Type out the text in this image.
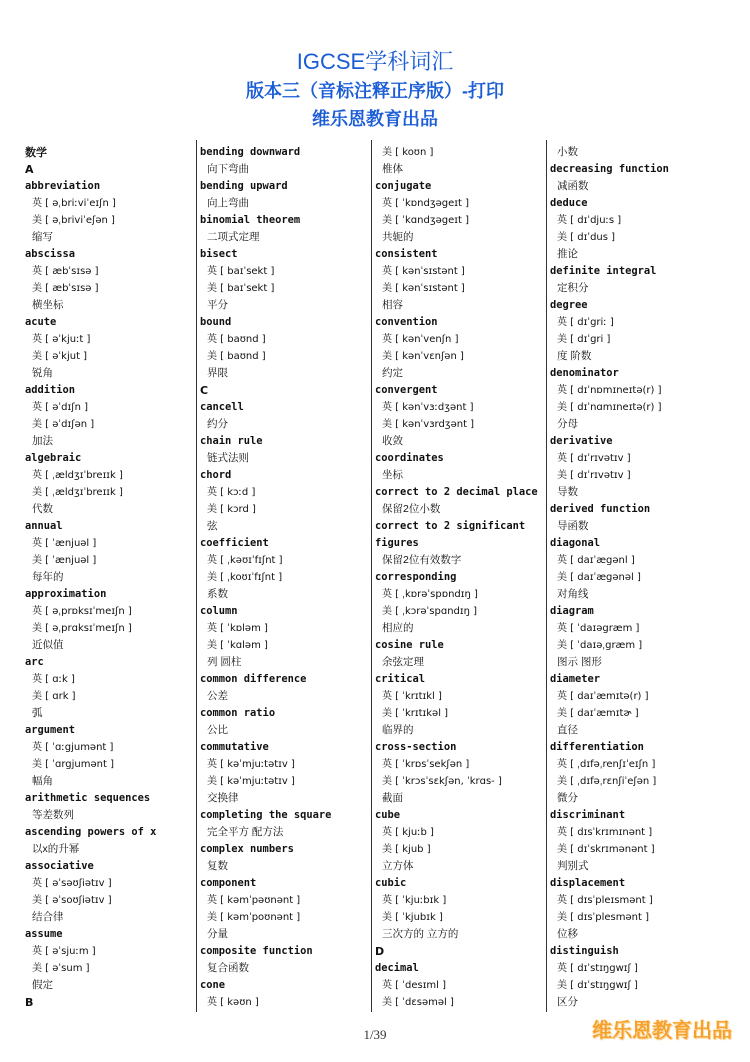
IGCSE学科词汇
版本三（音标注释正序版）-打印
维乐恩教育出品
数学
A
abbreviation
英 [ əˌbriːviˈeɪʃn ]
美 [ əˌbriviˈeʃən ]
缩写
abscissa
英 [ æbˈsɪsə ]
美 [ æbˈsɪsə ]
横坐标
acute
英 [ əˈkjuːt ]
美 [ əˈkjut ]
锐角
addition
英 [ əˈdɪʃn ]
美 [ əˈdɪʃən ]
加法
algebraic
英 [ ˌældʒɪˈbreɪɪk ]
美 [ ˌældʒɪˈbreɪɪk ]
代数
annual
英 [ ˈænjuəl ]
美 [ ˈænjuəl ]
每年的
approximation
英 [ əˌprɒksɪˈmeɪʃn ]
美 [ əˌprɑksɪˈmeɪʃn ]
近似值
arc
英 [ ɑːk ]
美 [ ɑrk ]
弧
argument
英 [ ˈɑːgjumənt ]
美 [ ˈɑrgjumənt ]
幅角
arithmetic sequences
等差数列
ascending powers of x
以x的升幂
associative
英 [ əˈsəʊʃiətɪv ]
美 [ əˈsoʊʃiətɪv ]
结合律
assume
英 [ əˈsjuːm ]
美 [ əˈsum ]
假定
B
bending downward
向下弯曲
bending upward
向上弯曲
binomial theorem
二项式定理
bisect
英 [ baɪˈsekt ]
美 [ baɪˈsekt ]
平分
bound
英 [ baʊnd ]
美 [ baʊnd ]
界限
C
cancell
约分
chain rule
链式法则
chord
英 [ kɔːd ]
美 [ kɔrd ]
弦
coefficient
英 [ ˌkəʊɪˈfɪʃnt ]
美 [ ˌkoʊɪˈfɪʃnt ]
系数
column
英 [ ˈkɒləm ]
美 [ ˈkɑləm ]
列 圆柱
common difference
公差
common ratio
公比
commutative
英 [ kəˈmjuːtətɪv ]
美 [ kəˈmjuːtətɪv ]
交换律
completing the square
完全平方 配方法
complex numbers
复数
component
英 [ kəmˈpəʊnənt ]
美 [ kəmˈpoʊnənt ]
分量
composite function
复合函数
cone
英 [ kəʊn ]
美 [ koʊn ]
椎体
conjugate
英 [ ˈkɒndʒəgeɪt ]
美 [ ˈkɑndʒəgeɪt ]
共轭的
consistent
英 [ kənˈsɪstənt ]
美 [ kənˈsɪstənt ]
相容
convention
英 [ kənˈvenʃn ]
美 [ kənˈvɛnʃən ]
约定
convergent
英 [ kənˈvɜːdʒənt ]
美 [ kənˈvɜrdʒənt ]
收敛
coordinates
坐标
correct to 2 decimal place
保留2位小数
correct to 2 significant figures
保留2位有效数字
corresponding
英 [ ˌkɒrəˈspɒndɪŋ ]
美 [ ˌkɔrəˈspɑndɪŋ ]
相应的
cosine rule
余弦定理
critical
英 [ ˈkrɪtɪkl ]
美 [ ˈkrɪtɪkəl ]
临界的
cross-section
英 [ ˈkrɒsˈsekʃən ]
美 [ ˈkrɔsˈsɛkʃən, ˈkrɑs- ]
截面
cube
英 [ kjuːb ]
美 [ kjub ]
立方体
cubic
英 [ ˈkjuːbɪk ]
美 [ ˈkjubɪk ]
三次方的 立方的
D
decimal
英 [ ˈdesɪml ]
美 [ ˈdɛsəməl ]
小数
decreasing function
减函数
deduce
英 [ dɪˈdjuːs ]
美 [ dɪˈdus ]
推论
definite integral
定积分
degree
英 [ dɪˈgriː ]
美 [ dɪˈgri ]
度 阶数
denominator
英 [ dɪˈnɒmɪneɪtə(r) ]
美 [ dɪˈnɑmɪneɪtə(r) ]
分母
derivative
英 [ dɪˈrɪvətɪv ]
美 [ dɪˈrɪvətɪv ]
导数
derived function
导函数
diagonal
英 [ daɪˈægənl ]
美 [ daɪˈægənəl ]
对角线
diagram
英 [ ˈdaɪəgræm ]
美 [ ˈdaɪəˌgræm ]
图示 图形
diameter
英 [ daɪˈæmɪtə(r) ]
美 [ daɪˈæmɪtɚ ]
直径
differentiation
英 [ ˌdɪfəˌrenʃɪˈeɪʃn ]
美 [ ˌdɪfəˌrɛnʃiˈeʃən ]
微分
discriminant
英 [ dɪsˈkrɪmɪnənt ]
美 [ dɪˈskrɪmənənt ]
判别式
displacement
英 [ dɪsˈpleɪsmənt ]
美 [ dɪsˈplesmənt ]
位移
distinguish
英 [ dɪˈstɪŋgwɪʃ ]
美 [ dɪˈstɪŋgwɪʃ ]
区分
1/39	维乐恩教育出品
